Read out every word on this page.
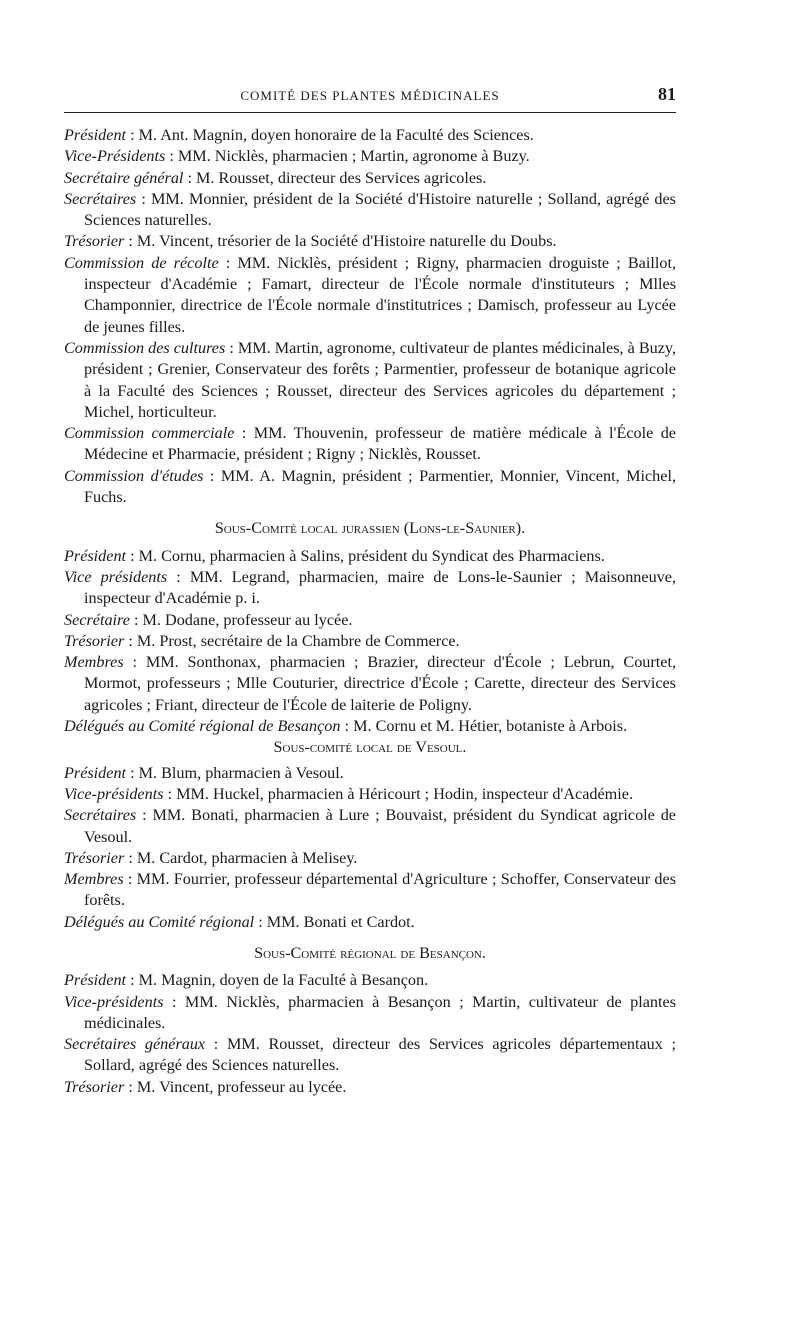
COMITÉ DES PLANTES MÉDICINALES	81

Président : M. Ant. Magnin, doyen honoraire de la Faculté des Sciences.

Vice-Présidents : MM. Nicklès, pharmacien ; Martin, agronome à Buzy.

Secrétaire général : M. Rousset, directeur des Services agricoles.

Secrétaires : MM. Monnier, président de la Société d'Histoire naturelle ; Solland, agrégé des Sciences naturelles.

Trésorier : M. Vincent, trésorier de la Société d'Histoire naturelle du Doubs.

Commission de récolte : MM. Nicklès, président ; Rigny, pharmacien droguiste ; Baillot, inspecteur d'Académie ; Famart, directeur de l'École normale d'instituteurs ; Mlles Champonnier, directrice de l'École normale d'institutrices ; Damisch, professeur au Lycée de jeunes filles.

Commission des cultures : MM. Martin, agronome, cultivateur de plantes médicinales, à Buzy, président ; Grenier, Conservateur des forêts ; Parmentier, professeur de botanique agricole à la Faculté des Sciences ; Rousset, directeur des Services agricoles du département ; Michel, horticulteur.

Commission commerciale : MM. Thouvenin, professeur de matière médicale à l'École de Médecine et Pharmacie, président ; Rigny ; Nicklès, Rousset.

Commission d'études : MM. A. Magnin, président ; Parmentier, Monnier, Vincent, Michel, Fuchs.

Sous-Comité local jurassien (Lons-le-Saunier).

Président : M. Cornu, pharmacien à Salins, président du Syndicat des Pharmaciens.

Vice présidents : MM. Legrand, pharmacien, maire de Lons-le-Saunier ; Maisonneuve, inspecteur d'Académie p. i.

Secrétaire : M. Dodane, professeur au lycée.

Trésorier : M. Prost, secrétaire de la Chambre de Commerce.

Membres : MM. Sonthonax, pharmacien ; Brazier, directeur d'École ; Lebrun, Courtet, Mormot, professeurs ; Mlle Couturier, directrice d'École ; Carette, directeur des Services agricoles ; Friant, directeur de l'École de laiterie de Poligny.

Délégués au Comité régional de Besançon : M. Cornu et M. Hétier, botaniste à Arbois.

Sous-comité local de Vesoul.

Président : M. Blum, pharmacien à Vesoul.

Vice-présidents : MM. Huckel, pharmacien à Héricourt ; Hodin, inspecteur d'Académie.

Secrétaires : MM. Bonati, pharmacien à Lure ; Bouvaist, président du Syndicat agricole de Vesoul.

Trésorier : M. Cardot, pharmacien à Melisey.

Membres : MM. Fourrier, professeur départemental d'Agriculture ; Schoffer, Conservateur des forêts.

Délégués au Comité régional : MM. Bonati et Cardot.

Sous-Comité régional de Besançon.

Président : M. Magnin, doyen de la Faculté à Besançon.

Vice-présidents : MM. Nicklès, pharmacien à Besançon ; Martin, cultivateur de plantes médicinales.

Secrétaires généraux : MM. Rousset, directeur des Services agricoles départementaux ; Sollard, agrégé des Sciences naturelles.

Trésorier : M. Vincent, professeur au lycée.
